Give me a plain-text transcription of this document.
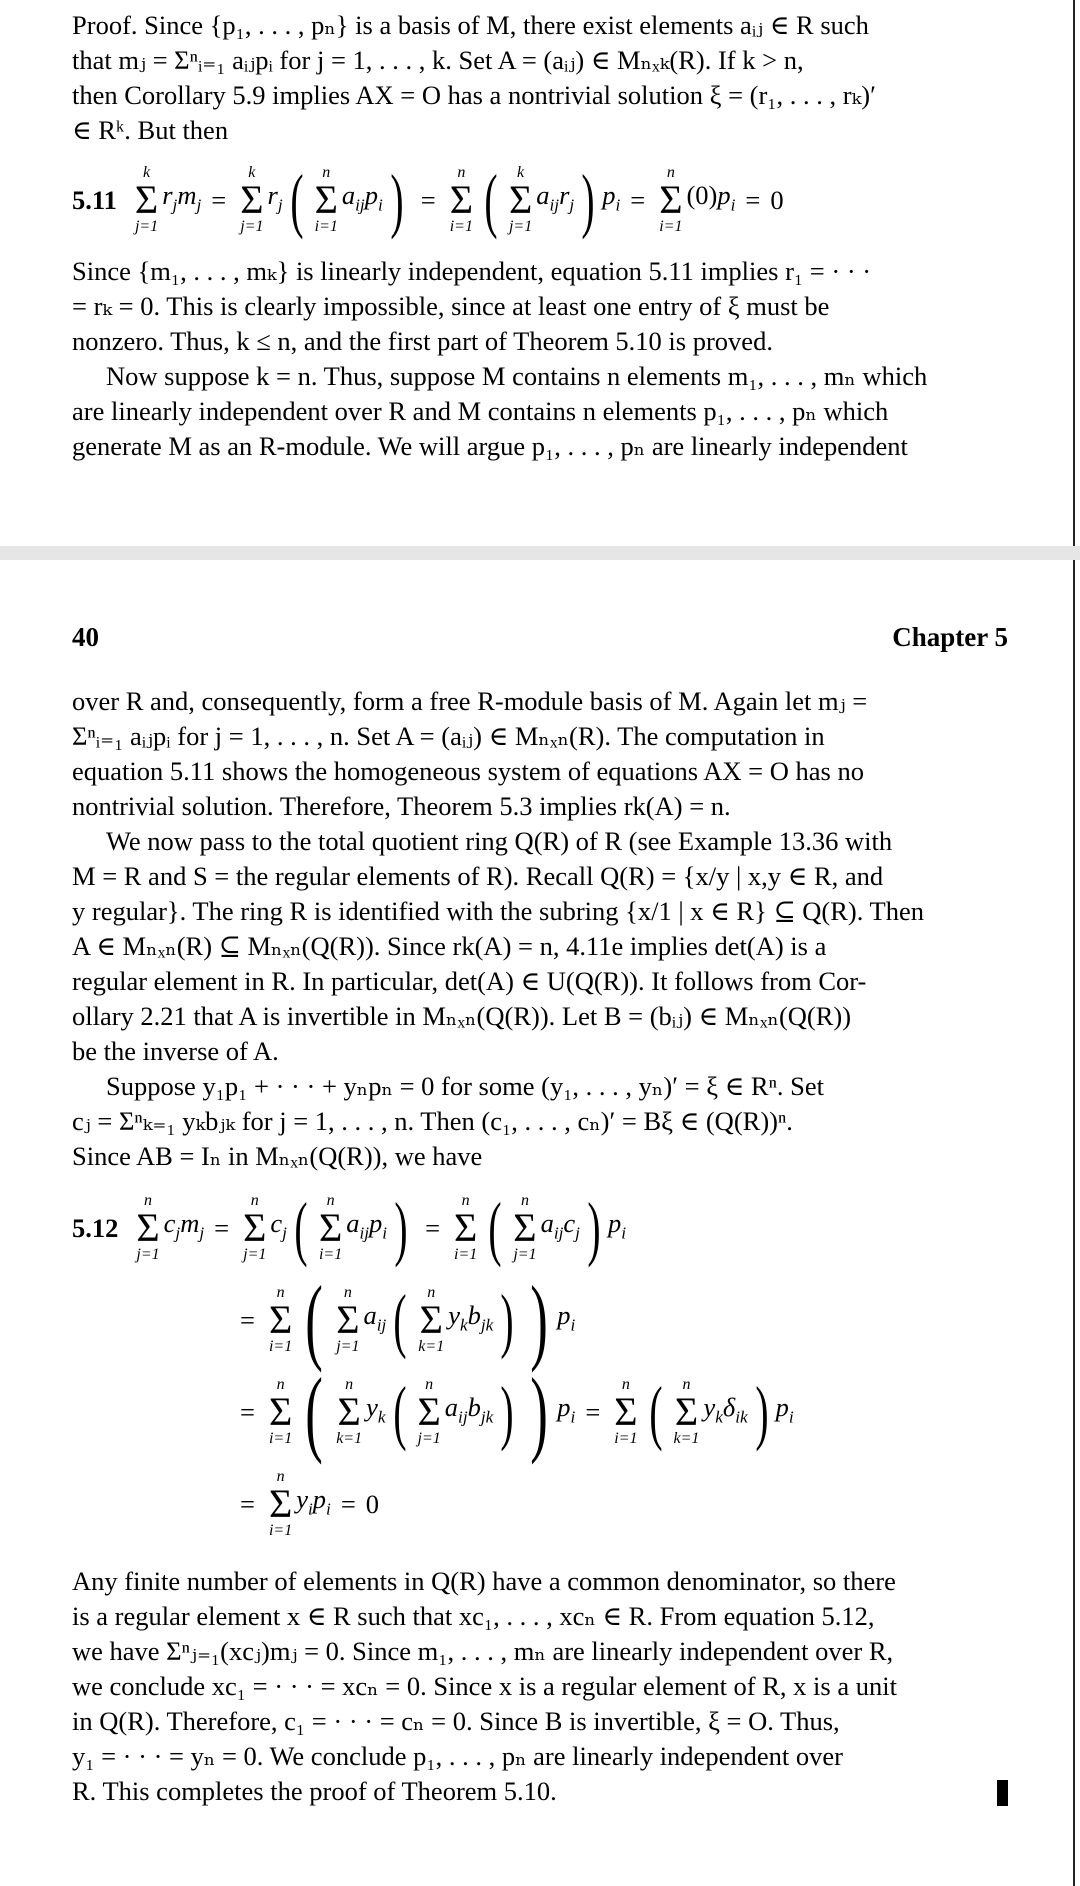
Proof. Since {p₁, . . . , pₙ} is a basis of M, there exist elements aᵢⱼ ∈ R such
that mⱼ = Σⁿᵢ₌₁ aᵢⱼpᵢ for j = 1, . . . , k. Set A = (aᵢⱼ) ∈ Mₙₓₖ(R). If k > n,
then Corollary 5.9 implies AX = O has a nontrivial solution ξ = (r₁, . . . , rₖ)′
∈ Rᵏ. But then
5.11
k
Σ
j=1
$r_jm_j$ =
k
Σ
j=1
$r_j$ ( n
Σ
i=1
$a_{ij}p_i$ ) =
n
Σ
i=1 ( k
Σ
j=1
$a_{ij}r_j$ ) $p_i$ =
n
Σ
i=1
$(0)p_i = 0$
Since {m₁, . . . , mₖ} is linearly independent, equation 5.11 implies r₁ = · · ·
= rₖ = 0. This is clearly impossible, since at least one entry of ξ must be
nonzero. Thus, k ≤ n, and the first part of Theorem 5.10 is proved.
Now suppose k = n. Thus, suppose M contains n elements m₁, . . . , mₙ which
are linearly independent over R and M contains n elements p₁, . . . , pₙ which
generate M as an R-module. We will argue p₁, . . . , pₙ are linearly independent
40	Chapter 5
over R and, consequently, form a free R-module basis of M. Again let mⱼ =
Σⁿᵢ₌₁ aᵢⱼpᵢ for j = 1, . . . , n. Set A = (aᵢⱼ) ∈ Mₙₓₙ(R). The computation in
equation 5.11 shows the homogeneous system of equations AX = O has no
nontrivial solution. Therefore, Theorem 5.3 implies rk(A) = n.
We now pass to the total quotient ring Q(R) of R (see Example 13.36 with
M = R and S = the regular elements of R). Recall Q(R) = {x/y | x,y ∈ R, and
y regular}. The ring R is identified with the subring {x/1 | x ∈ R} ⊆ Q(R). Then
A ∈ Mₙₓₙ(R) ⊆ Mₙₓₙ(Q(R)). Since rk(A) = n, 4.11e implies det(A) is a
regular element in R. In particular, det(A) ∈ U(Q(R)). It follows from Cor-
ollary 2.21 that A is invertible in Mₙₓₙ(Q(R)). Let B = (bᵢⱼ) ∈ Mₙₓₙ(Q(R))
be the inverse of A.
Suppose y₁p₁ + · · · + yₙpₙ = 0 for some (y₁, . . . , yₙ)′ = ξ ∈ Rⁿ. Set
cⱼ = Σⁿₖ₌₁ yₖbⱼₖ for j = 1, . . . , n. Then (c₁, . . . , cₙ)′ = Bξ ∈ (Q(R))ⁿ.
Since AB = Iₙ in Mₙₓₙ(Q(R)), we have
5.12
n
Σ
j=1
$c_jm_j$ =
n
Σ
j=1
$c_j$ ( n
Σ
i=1
$a_{ij}p_i$ ) =
n
Σ
i=1 ( n
Σ
j=1
$a_{ij}c_j$ ) $p_i$
=
n
Σ
i=1 ( n
Σ
j=1
$a_{ij}$ ( n
Σ
k=1
$y_kb_{jk}$ ) ) $p_i$
=
n
Σ
i=1 ( n
Σ
k=1
$y_k$ ( n
Σ
j=1
$a_{ij}b_{jk}$ ) ) $p_i$ =
n
Σ
i=1 ( n
Σ
k=1
$y_k\delta_{ik}$ ) $p_i$
=
n
Σ
i=1
$y_ip_i = 0$
Any finite number of elements in Q(R) have a common denominator, so there
is a regular element x ∈ R such that xc₁, . . . , xcₙ ∈ R. From equation 5.12,
we have Σⁿⱼ₌₁(xcⱼ)mⱼ = 0. Since m₁, . . . , mₙ are linearly independent over R,
we conclude xc₁ = · · · = xcₙ = 0. Since x is a regular element of R, x is a unit
in Q(R). Therefore, c₁ = · · · = cₙ = 0. Since B is invertible, ξ = O. Thus,
y₁ = · · · = yₙ = 0. We conclude p₁, . . . , pₙ are linearly independent over
R. This completes the proof of Theorem 5.10.
